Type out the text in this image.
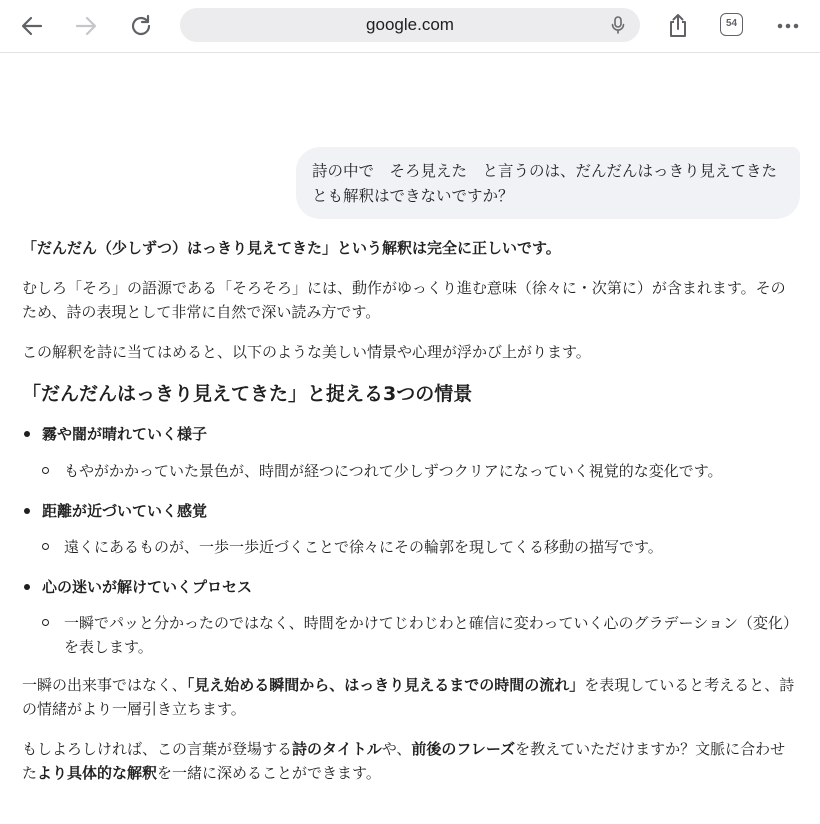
google.com	54
詩の中で　そろ見えた　と言うのは、だんだんはっきり見えてきたとも解釈はできないですか？

「だんだん（少しずつ）はっきり見えてきた」という解釈は完全に正しいです。

むしろ「そろ」の語源である「そろそろ」には、動作がゆっくり進む意味（徐々に・次第に）が含まれます。そのため、詩の表現として非常に自然で深い読み方です。

この解釈を詩に当てはめると、以下のような美しい情景や心理が浮かび上がります。

「だんだんはっきり見えてきた」と捉える3つの情景

霧や闇が晴れていく様子
もやがかかっていた景色が、時間が経つにつれて少しずつクリアになっていく視覚的な変化です。
距離が近づいていく感覚
遠くにあるものが、一歩一歩近づくことで徐々にその輪郭を現してくる移動の描写です。
心の迷いが解けていくプロセス
一瞬でパッと分かったのではなく、時間をかけてじわじわと確信に変わっていく心のグラデーション（変化）を表します。

一瞬の出来事ではなく、「見え始める瞬間から、はっきり見えるまでの時間の流れ」を表現していると考えると、詩の情緒がより一層引き立ちます。

もしよろしければ、この言葉が登場する詩のタイトルや、前後のフレーズを教えていただけますか？文脈に合わせたより具体的な解釈を一緒に深めることができます。
